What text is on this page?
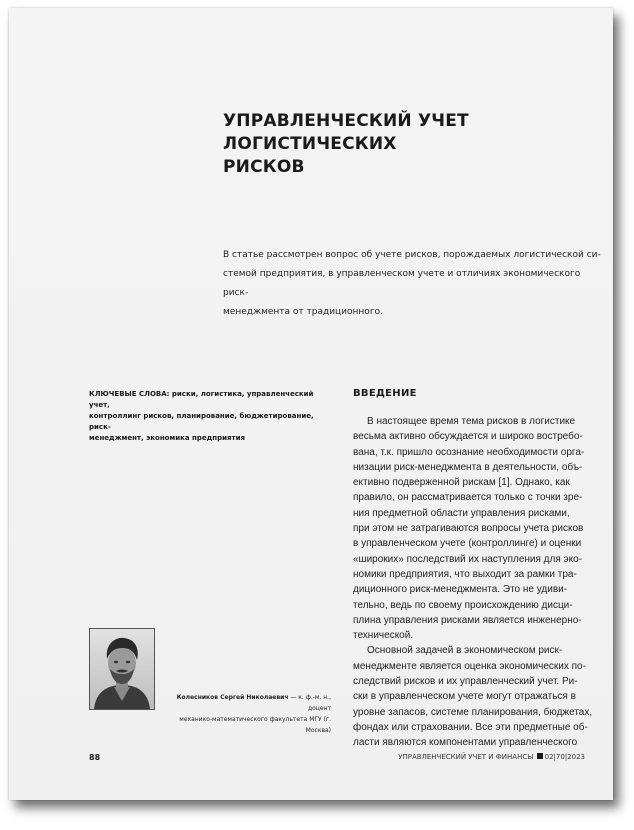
УПРАВЛЕНЧЕСКИЙ УЧЕТ ЛОГИСТИЧЕСКИХ
РИСКОВ
В статье рассмотрен вопрос об учете рисков, порождаемых логистической си-
стемой предприятия, в управленческом учете и отличиях экономического риск-
менеджмента от традиционного.
КЛЮЧЕВЫЕ СЛОВА: риски, логистика, управленческий учет,
контроллинг рисков, планирование, бюджетирование, риск-
менеджмент, экономика предприятия
Колесников Сергей Николаевич — к. ф.-м. н., доцент
механико-математического факультета МГУ (г. Москва)
ВВЕДЕНИЕ
В настоящее время тема рисков в логистике
весьма активно обсуждается и широко востребо-
вана, т.к. пришло осознание необходимости орга-
низации риск-менеджмента в деятельности, объ-
ективно подверженной рискам [1]. Однако, как
правило, он рассматривается только с точки зре-
ния предметной области управления рисками,
при этом не затрагиваются вопросы учета рисков
в управленческом учете (контроллинге) и оценки
«широких» последствий их наступления для эко-
номики предприятия, что выходит за рамки тра-
диционного риск-менеджмента. Это не удиви-
тельно, ведь по своему происхождению дисци-
плина управления рисками является инженерно-
технической.
Основной задачей в экономическом риск-
менеджменте является оценка экономических по-
следствий рисков и их управленческий учет. Ри-
ски в управленческом учете могут отражаться в
уровне запасов, системе планирования, бюджетах,
фондах или страховании. Все эти предметные об-
ласти являются компонентами управленческого
88	УПРАВЛЕНЧЕСКИЙ УЧЕТ И ФИНАНСЫ 02|70|2023
